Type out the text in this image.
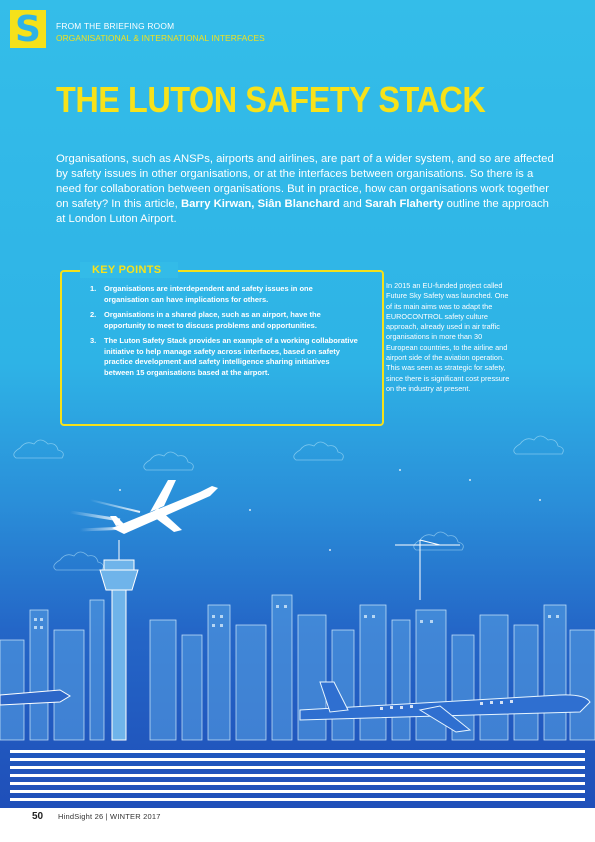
S	FROM THE BRIEFING ROOM
ORGANISATIONAL & INTERNATIONAL INTERFACES
THE LUTON SAFETY STACK
Organisations, such as ANSPs, airports and airlines, are part of a wider system, and so are affected by safety issues in other organisations, or at the interfaces between organisations. So there is a need for collaboration between organisations. But in practice, how can organisations work together on safety? In this article, Barry Kirwan, Siân Blanchard and Sarah Flaherty outline the approach at London Luton Airport.
KEY POINTS
1. Organisations are interdependent and safety issues in one organisation can have implications for others.
2. Organisations in a shared place, such as an airport, have the opportunity to meet to discuss problems and opportunities.
3. The Luton Safety Stack provides an example of a working collaborative initiative to help manage safety across interfaces, based on safety practice development and safety intelligence sharing initiatives between 15 organisations based at the airport.
In 2015 an EU-funded project called Future Sky Safety was launched. One of its main aims was to adapt the EUROCONTROL safety culture approach, already used in air traffic organisations in more than 30 European countries, to the airline and airport side of the aviation operation. This was seen as strategic for safety, since there is significant cost pressure on the industry at present.
50 HindSight 26 | WINTER 2017
